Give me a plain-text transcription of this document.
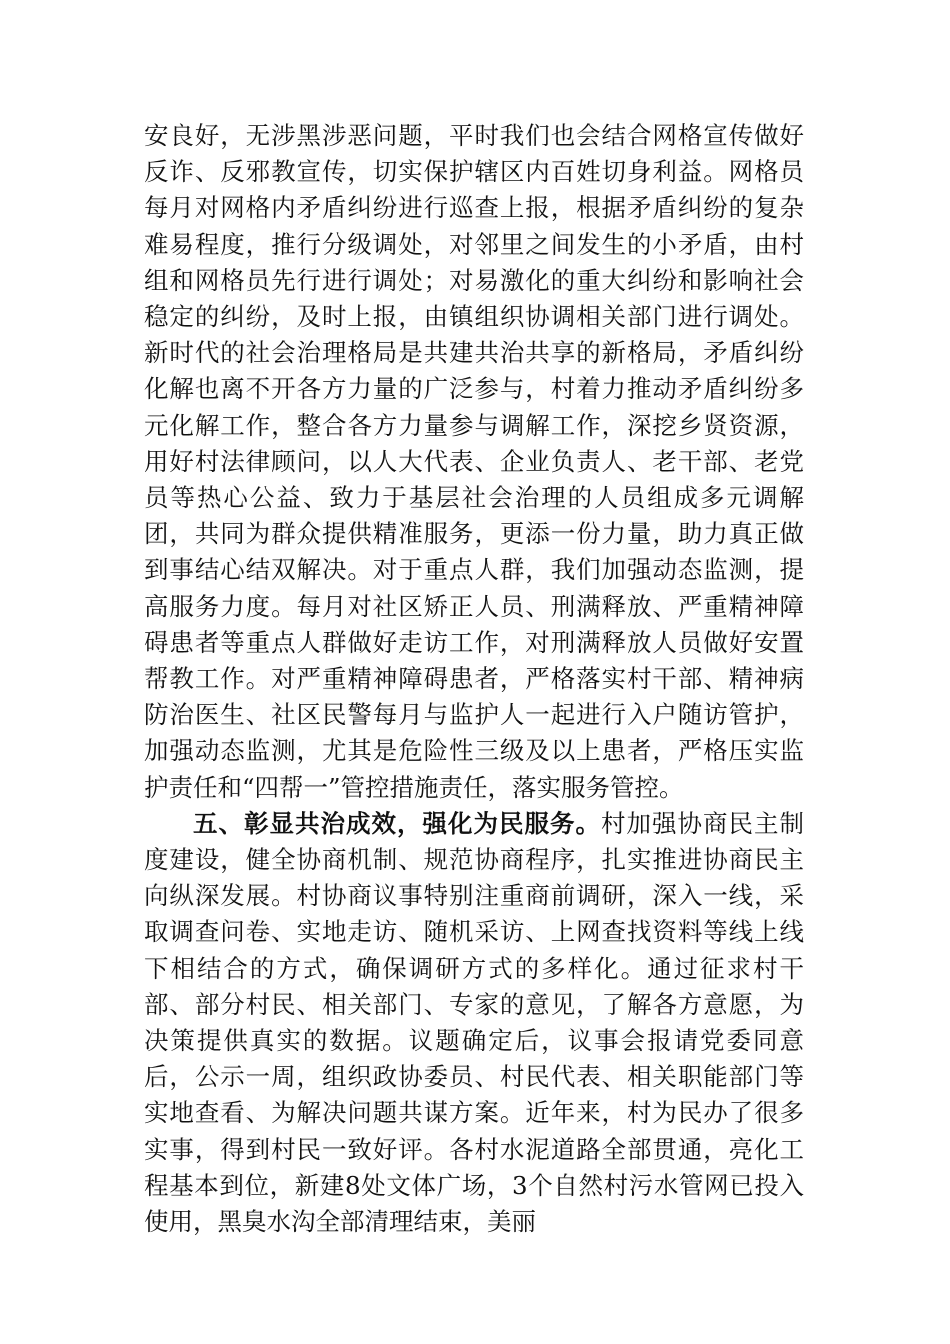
安良好，无涉黑涉恶问题，平时我们也会结合网格宣传做好反诈、反邪教宣传，切实保护辖区内百姓切身利益。网格员每月对网格内矛盾纠纷进行巡查上报，根据矛盾纠纷的复杂难易程度，推行分级调处，对邻里之间发生的小矛盾，由村组和网格员先行进行调处；对易激化的重大纠纷和影响社会稳定的纠纷，及时上报，由镇组织协调相关部门进行调处。新时代的社会治理格局是共建共治共享的新格局，矛盾纠纷化解也离不开各方力量的广泛参与，村着力推动矛盾纠纷多元化解工作，整合各方力量参与调解工作，深挖乡贤资源，用好村法律顾问，以人大代表、企业负责人、老干部、老党员等热心公益、致力于基层社会治理的人员组成多元调解团，共同为群众提供精准服务，更添一份力量，助力真正做到事结心结双解决。对于重点人群，我们加强动态监测，提高服务力度。每月对社区矫正人员、刑满释放、严重精神障碍患者等重点人群做好走访工作，对刑满释放人员做好安置帮教工作。对严重精神障碍患者，严格落实村干部、精神病防治医生、社区民警每月与监护人一起进行入户随访管护，加强动态监测，尤其是危险性三级及以上患者，严格压实监护责任和“四帮一”管控措施责任，落实服务管控。

五、彰显共治成效，强化为民服务。村加强协商民主制度建设，健全协商机制、规范协商程序，扎实推进协商民主向纵深发展。村协商议事特别注重商前调研，深入一线，采取调查问卷、实地走访、随机采访、上网查找资料等线上线下相结合的方式，确保调研方式的多样化。通过征求村干部、部分村民、相关部门、专家的意见，了解各方意愿，为决策提供真实的数据。议题确定后，议事会报请党委同意后，公示一周，组织政协委员、村民代表、相关职能部门等实地查看、为解决问题共谋方案。近年来，村为民办了很多实事，得到村民一致好评。各村水泥道路全部贯通，亮化工程基本到位，新建8处文体广场，3个自然村污水管网已投入使用，黑臭水沟全部清理结束，美丽
